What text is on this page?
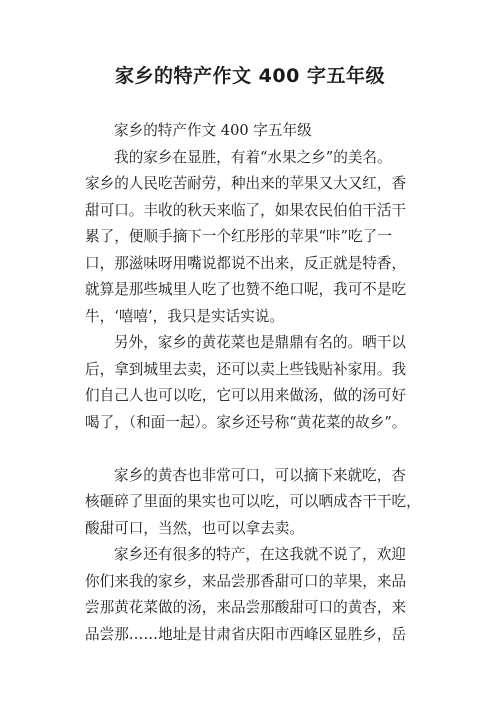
家乡的特产作文 400 字五年级
家乡的特产作文 400 字五年级
我的家乡在显胜，有着“水果之乡”的美名。
家乡的人民吃苦耐劳，种出来的苹果又大又红，香
甜可口。丰收的秋天来临了，如果农民伯伯干活干
累了，便顺手摘下一个红彤彤的苹果“咔”吃了一
口，那滋味呀用嘴说都说不出来，反正就是特香，
就算是那些城里人吃了也赞不绝口呢，我可不是吃
牛，‘嘻嘻’，我只是实话实说。
另外，家乡的黄花菜也是鼎鼎有名的。晒干以
后，拿到城里去卖，还可以卖上些钱贴补家用。我
们自己人也可以吃，它可以用来做汤，做的汤可好
喝了，（和面一起）。家乡还号称“黄花菜的故乡”。
家乡的黄杏也非常可口，可以摘下来就吃，杏
核砸碎了里面的果实也可以吃，可以晒成杏干干吃，
酸甜可口，当然，也可以拿去卖。
家乡还有很多的特产，在这我就不说了，欢迎
你们来我的家乡，来品尝那香甜可口的苹果，来品
尝那黄花菜做的汤，来品尝那酸甜可口的黄杏，来
品尝那……地址是甘肃省庆阳市西峰区显胜乡，岳
